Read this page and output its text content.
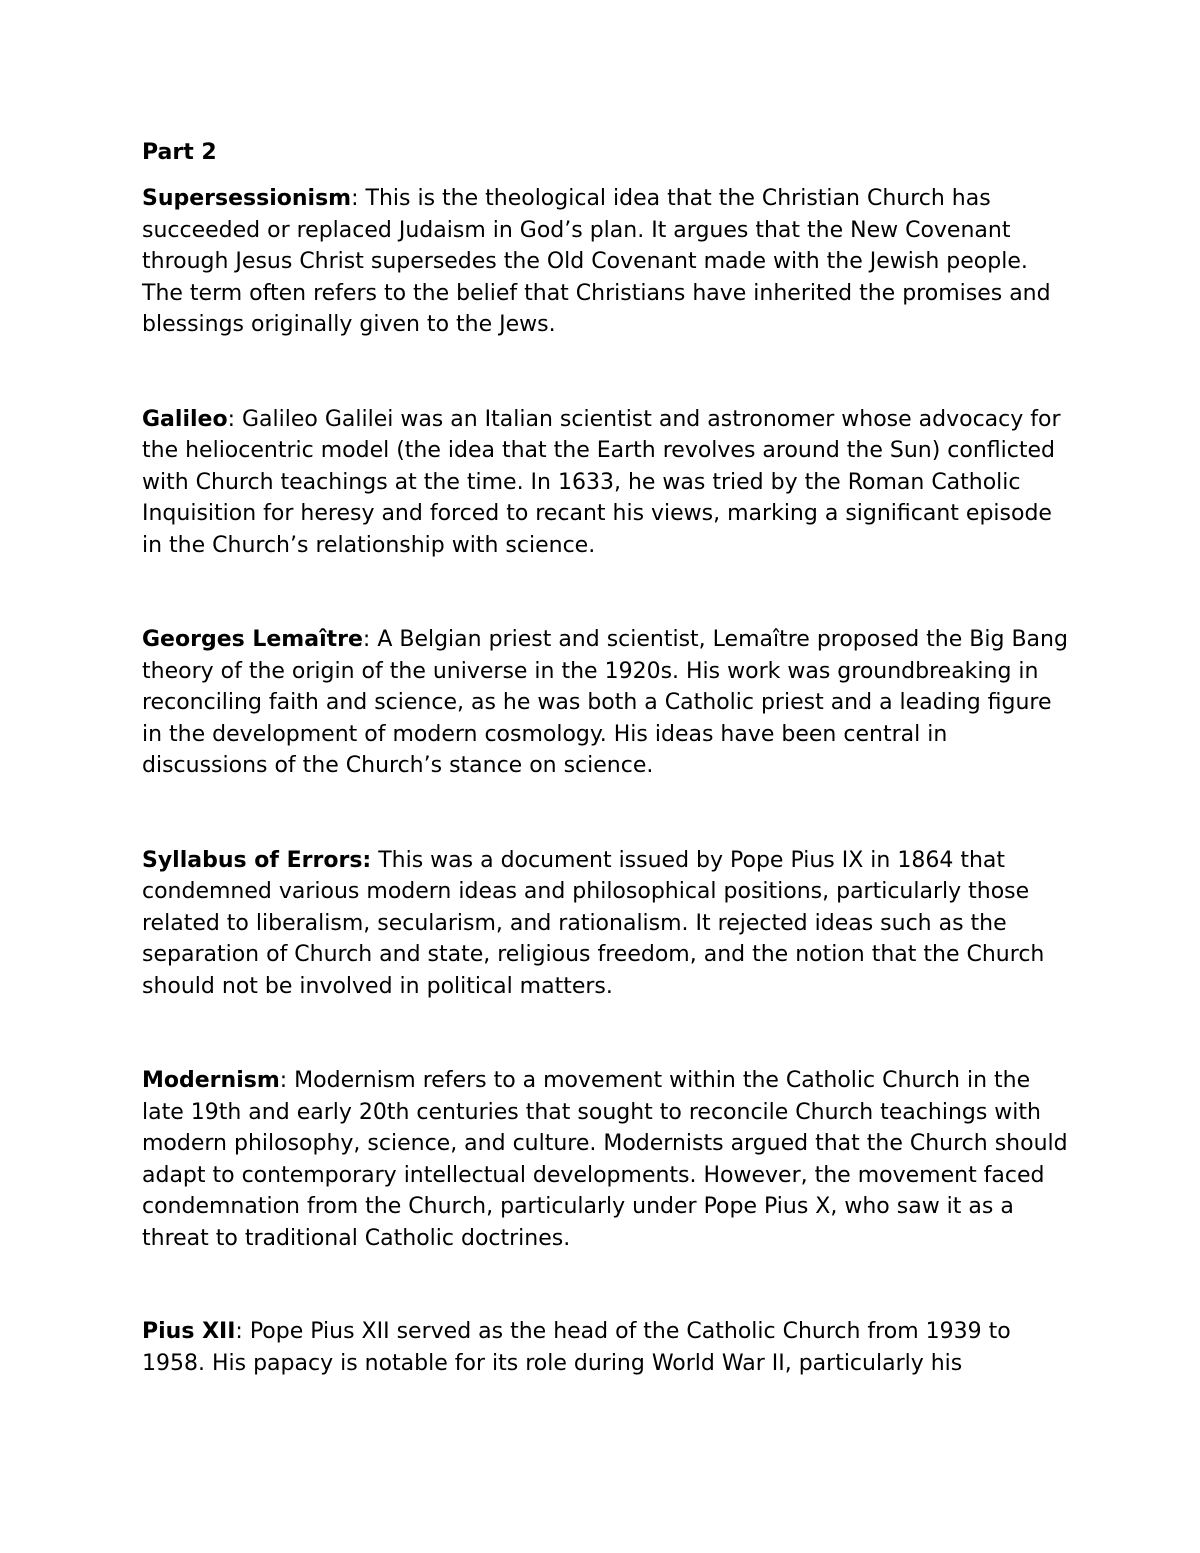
Part 2

Supersessionism: This is the theological idea that the Christian Church has succeeded or replaced Judaism in God’s plan. It argues that the New Covenant through Jesus Christ supersedes the Old Covenant made with the Jewish people. The term often refers to the belief that Christians have inherited the promises and blessings originally given to the Jews.

Galileo: Galileo Galilei was an Italian scientist and astronomer whose advocacy for the heliocentric model (the idea that the Earth revolves around the Sun) conflicted with Church teachings at the time. In 1633, he was tried by the Roman Catholic Inquisition for heresy and forced to recant his views, marking a significant episode in the Church’s relationship with science.

Georges Lemaître: A Belgian priest and scientist, Lemaître proposed the Big Bang theory of the origin of the universe in the 1920s. His work was groundbreaking in reconciling faith and science, as he was both a Catholic priest and a leading figure in the development of modern cosmology. His ideas have been central in discussions of the Church’s stance on science.

Syllabus of Errors: This was a document issued by Pope Pius IX in 1864 that condemned various modern ideas and philosophical positions, particularly those related to liberalism, secularism, and rationalism. It rejected ideas such as the separation of Church and state, religious freedom, and the notion that the Church should not be involved in political matters.

Modernism: Modernism refers to a movement within the Catholic Church in the late 19th and early 20th centuries that sought to reconcile Church teachings with modern philosophy, science, and culture. Modernists argued that the Church should adapt to contemporary intellectual developments. However, the movement faced condemnation from the Church, particularly under Pope Pius X, who saw it as a threat to traditional Catholic doctrines.

Pius XII: Pope Pius XII served as the head of the Catholic Church from 1939 to 1958. His papacy is notable for its role during World War II, particularly his
